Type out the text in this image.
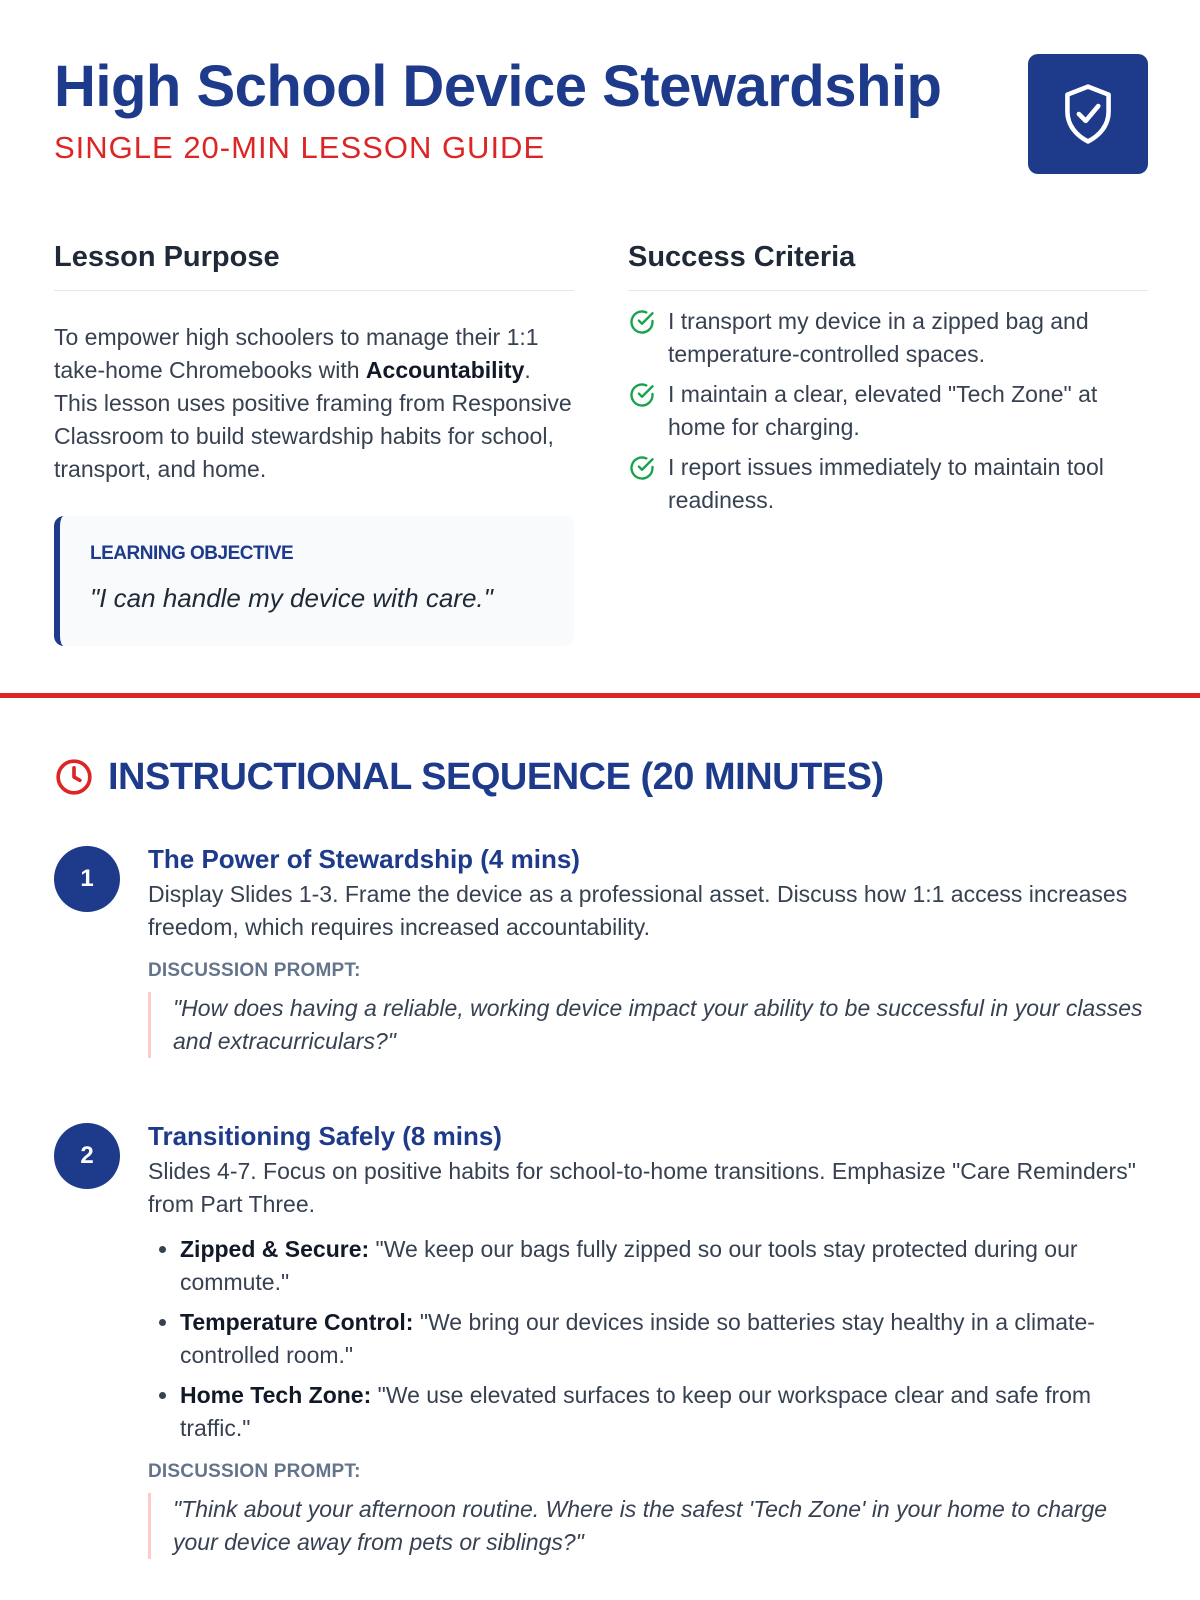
High School Device Stewardship
SINGLE 20-MIN LESSON GUIDE
Lesson Purpose

To empower high schoolers to manage their 1:1 take-home Chromebooks with Accountability. This lesson uses positive framing from Responsive Classroom to build stewardship habits for school, transport, and home.

LEARNING OBJECTIVE
"I can handle my device with care."
Success Criteria
I transport my device in a zipped bag and temperature-controlled spaces.
I maintain a clear, elevated "Tech Zone" at home for charging.
I report issues immediately to maintain tool readiness.
INSTRUCTIONAL SEQUENCE (20 MINUTES)
1
The Power of Stewardship (4 mins)

Display Slides 1-3. Frame the device as a professional asset. Discuss how 1:1 access increases freedom, which requires increased accountability.

DISCUSSION PROMPT:
"How does having a reliable, working device impact your ability to be successful in your classes and extracurriculars?"
2
Transitioning Safely (8 mins)

Slides 4-7. Focus on positive habits for school-to-home transitions. Emphasize "Care Reminders" from Part Three.

• Zipped & Secure: "We keep our bags fully zipped so our tools stay protected during our commute."
• Temperature Control: "We bring our devices inside so batteries stay healthy in a climate-controlled room."
• Home Tech Zone: "We use elevated surfaces to keep our workspace clear and safe from traffic."
DISCUSSION PROMPT:
"Think about your afternoon routine. Where is the safest 'Tech Zone' in your home to charge your device away from pets or siblings?"
